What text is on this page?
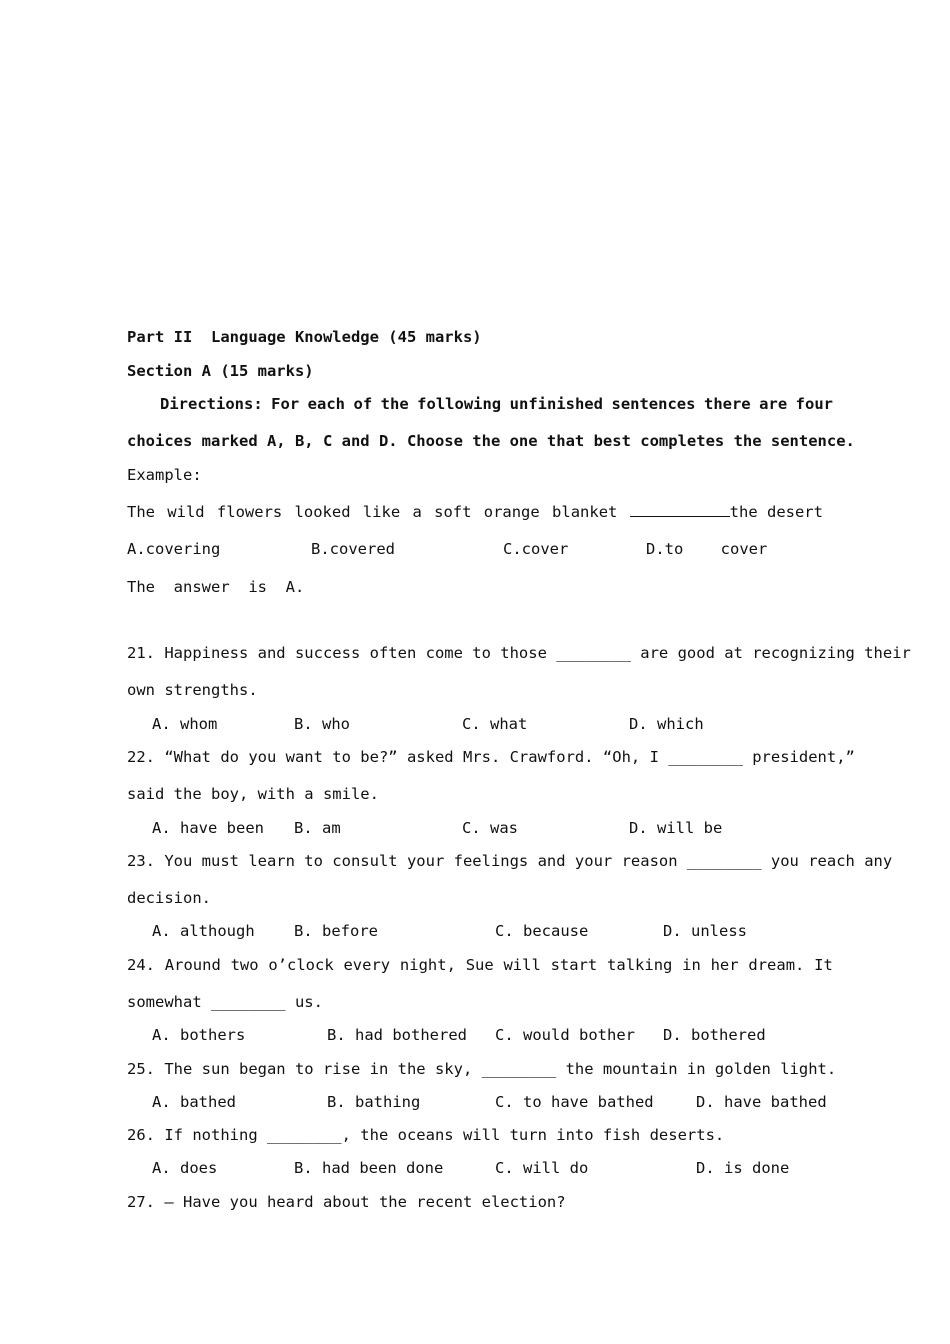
Part II  Language Knowledge (45 marks)
Section A (15 marks)
Directions: For each of the following unfinished sentences there are four
choices marked A, B, C and D. Choose the one that best completes the sentence.
Example:
The wild flowers looked like a soft orange blanket	the desert

A.covering

	B.covered

	C.cover

	D.to    cover

The  answer  is  A.
21. Happiness and success often come to those ________ are good at recognizing their
own strengths.

A. whom

	B. who

	C. what

	D. which

22. “What do you want to be?” asked Mrs. Crawford. “Oh, I ________ president,”
said the boy, with a smile.

A. have been

B. am

	C. was

	D. will be

23. You must learn to consult your feelings and your reason ________ you reach any
decision.

A. although

	B. before

	C. because

	D. unless

24. Around two o’clock every night, Sue will start talking in her dream. It
somewhat ________ us.

A. bothers

	B. had bothered

C. would bother

D. bothered

25. The sun began to rise in the sky, ________ the mountain in golden light.

A. bathed

	B. bathing

	C. to have bathed

	D. have bathed

26. If nothing ________, the oceans will turn into fish deserts.

A. does

	B. had been done

	C. will do

	D. is done

27. — Have you heard about the recent election?
